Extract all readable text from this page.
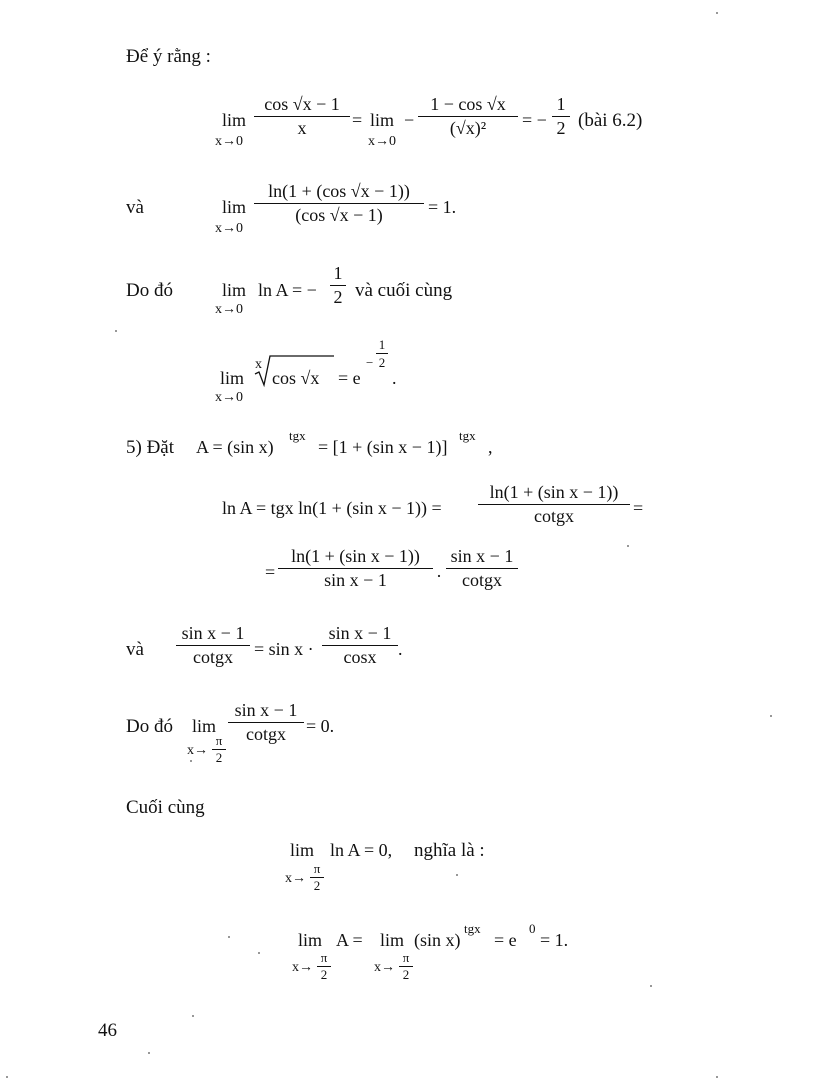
Để ý rằng :
lim
x→0
cos √x − 1
x	= lim
x→0
−
1 − cos √x
(√x)²	= −
1
2 (bài 6.2)
và	lim
x→0
ln(1 + (cos √x − 1))
(cos √x − 1)	= 1.
Do đó	lim
x→0
ln A = −
1
2 và cuối cùng
lim
x→0
x
cos √x = e
−
1
2
.
5) Đặt A = (sin x)
tgx
= [1 + (sin x − 1)]
tgx
,
ln A = tgx ln(1 + (sin x − 1)) =
ln(1 + (sin x − 1))
cotgx	=
=
ln(1 + (sin x − 1))
sin x − 1	·
sin x − 1
cotgx
và
sin x − 1
cotgx	= sin x ·
sin x − 1
cosx	.
Do đó lim
x→
π
2
sin x − 1
cotgx	= 0.
Cuối cùng
lim
x→
π
2
ln A = 0, nghĩa là :
lim
x→
π
2
A = lim
x→
π
2
(sin x)
tgx
= e
0
= 1.
46
